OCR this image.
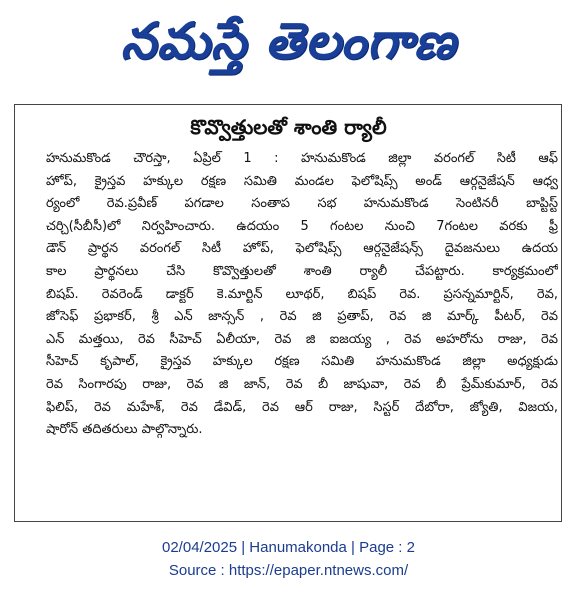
నమస్తే తెలంగాణ
కొవ్వొత్తులతో శాంతి ర్యాలీ
హనుమకొండ చౌరస్తా, ఏప్రిల్ 1 : హనుమకొండ జిల్లా వరంగల్ సిటీ ఆఫ్
హోప్, క్రైస్తవ హక్కుల రక్షణ సమితి మండల ఫెలోషిప్స్ అండ్ ఆర్గనైజేషన్ ఆధ్వ
ర్యంలో రెవ.ప్రవీణ్ పగడాల సంతాప సభ హనుమకొండ సెంటినరీ బాప్టిస్ట్
చర్చి(సీబీసీ)లో నిర్వహించారు. ఉదయం 5 గంటల నుంచి 7గంటల వరకు ఫ్రీ
డౌన్ ప్రార్థన వరంగల్ సిటీ హోప్, ఫెలోషిప్స్ ఆర్గనైజేషన్స్ దైవజనులు ఉదయ
కాల ప్రార్థనలు చేసి కొవ్వొత్తులతో శాంతి ర్యాలీ చేపట్టారు. కార్యక్రమంలో
బిషప్. రెవరెండ్ డాక్టర్ కె.మార్టిన్ లూథర్, బిషప్ రెవ. ప్రసన్నమార్టిన్, రెవ,
జోసెఫ్ ప్రభాకర్, శ్రీ ఎన్ జాన్సన్ , రెవ జి ప్రతాప్, రెవ జి మార్క్ పీటర్, రెవ
ఎన్ మత్తయి, రెవ సీహెచ్ ఏలీయా, రెవ జి ఐజయ్య , రెవ అహరోను రాజు, రెవ
సీహెచ్ కృపాల్, క్రైస్తవ హక్కుల రక్షణ సమితి హనుమకొండ జిల్లా అధ్యక్షుడు
రెవ సింగారపు రాజు, రెవ జి జాన్, రెవ బీ జాషువా, రెవ బీ ప్రేమ్‌కుమార్, రెవ
ఫిలిప్, రెవ మహేశ్, రెవ డేవిడ్, రెవ ఆర్ రాజు, సిస్టర్ దేబోరా, జ్యోతి, విజయ,
షారోన్ తదితరులు పాల్గొన్నారు.
02/04/2025 | Hanumakonda | Page : 2
Source : https://epaper.ntnews.com/
